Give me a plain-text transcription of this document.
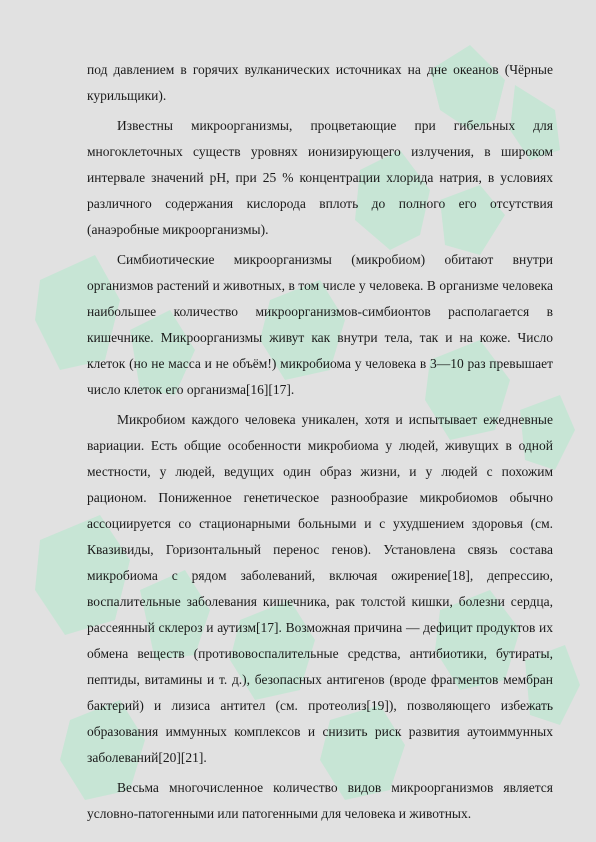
под давлением в горячих вулканических источниках на дне океанов (Чёрные курильщики).

Известны микроорганизмы, процветающие при гибельных для многоклеточных существ уровнях ионизирующего излучения, в широком интервале значений pH, при 25 % концентрации хлорида натрия, в условиях различного содержания кислорода вплоть до полного его отсутствия (анаэробные микроорганизмы).

Симбиотические микроорганизмы (микробиом) обитают внутри организмов растений и животных, в том числе у человека. В организме человека наибольшее количество микроорганизмов-симбионтов располагается в кишечнике. Микроорганизмы живут как внутри тела, так и на коже. Число клеток (но не масса и не объём!) микробиома у человека в 3—10 раз превышает число клеток его организма[16][17].

Микробиом каждого человека уникален, хотя и испытывает ежедневные вариации. Есть общие особенности микробиома у людей, живущих в одной местности, у людей, ведущих один образ жизни, и у людей с похожим рационом. Пониженное генетическое разнообразие микробиомов обычно ассоциируется со стационарными больными и с ухудшением здоровья (см. Квазивиды, Горизонтальный перенос генов). Установлена связь состава микробиома с рядом заболеваний, включая ожирение[18], депрессию, воспалительные заболевания кишечника, рак толстой кишки, болезни сердца, рассеянный склероз и аутизм[17]. Возможная причина — дефицит продуктов их обмена веществ (противовоспалительные средства, антибиотики, бутираты, пептиды, витамины и т. д.), безопасных антигенов (вроде фрагментов мембран бактерий) и лизиса антител (см. протеолиз[19]), позволяющего избежать образования иммунных комплексов и снизить риск развития аутоиммунных заболеваний[20][21].

Весьма многочисленное количество видов микроорганизмов является условно-патогенными или патогенными для человека и животных.
